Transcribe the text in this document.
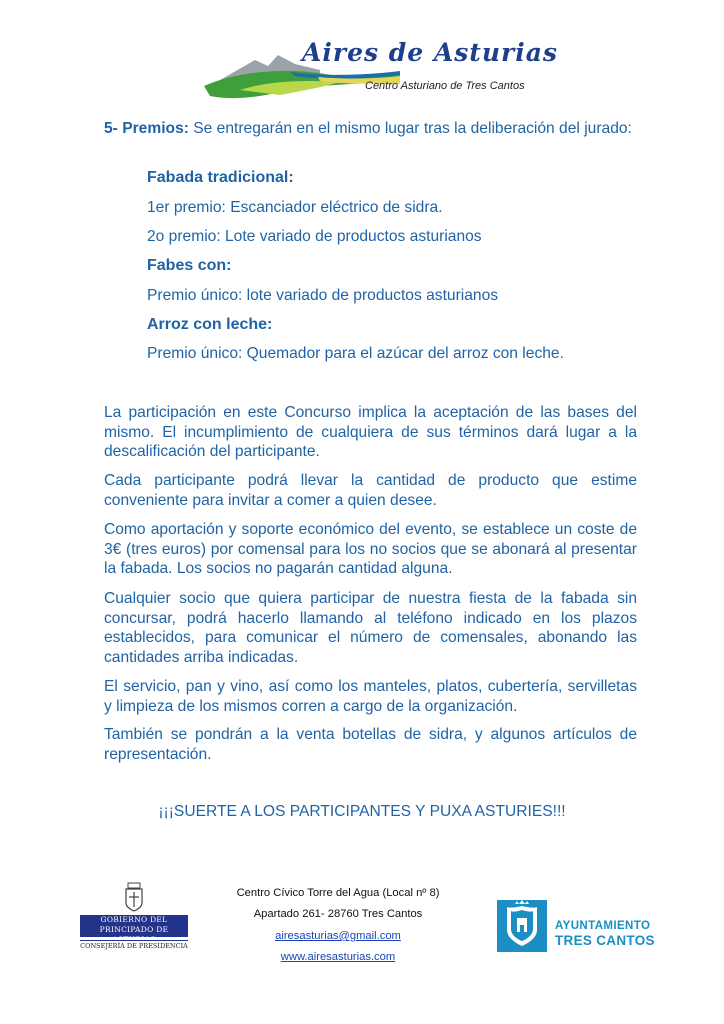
Aires de Asturias
Centro Asturiano de Tres Cantos
5- Premios: Se entregarán en el mismo lugar tras la deliberación del jurado:
Fabada tradicional:
1er premio: Escanciador eléctrico de sidra.
2o premio: Lote variado de productos asturianos
Fabes con:
Premio único: lote variado de productos asturianos
Arroz con leche:
Premio único: Quemador para el azúcar del arroz con leche.
La participación en este Concurso implica la aceptación de las bases del mismo. El incumplimiento de cualquiera de sus términos dará lugar a la descalificación del participante.
Cada participante podrá llevar la cantidad de producto que estime conveniente para invitar a comer a quien desee.
Como aportación y soporte económico del evento, se establece un coste de 3€ (tres euros) por comensal para los no socios que se abonará al presentar la fabada. Los socios no pagarán cantidad alguna.
Cualquier socio que quiera participar de nuestra fiesta de la fabada sin concursar, podrá hacerlo llamando al teléfono indicado en los plazos establecidos, para comunicar el número de comensales, abonando las cantidades arriba indicadas.
El servicio, pan y vino, así como los manteles, platos, cubertería, servilletas y limpieza de los mismos corren a cargo de la organización.
También se pondrán a la venta botellas de sidra, y algunos artículos de representación.
¡¡¡SUERTE A LOS PARTICIPANTES Y PUXA ASTURIES!!!
GOBIERNO DEL
PRINCIPADO DE ASTURIAS
CONSEJERÍA DE PRESIDENCIA
Centro Cívico Torre del Agua (Local nº 8)
Apartado 261- 28760 Tres Cantos
airesasturias@gmail.com
www.airesasturias.com
AYUNTAMIENTO
TRES CANTOS
